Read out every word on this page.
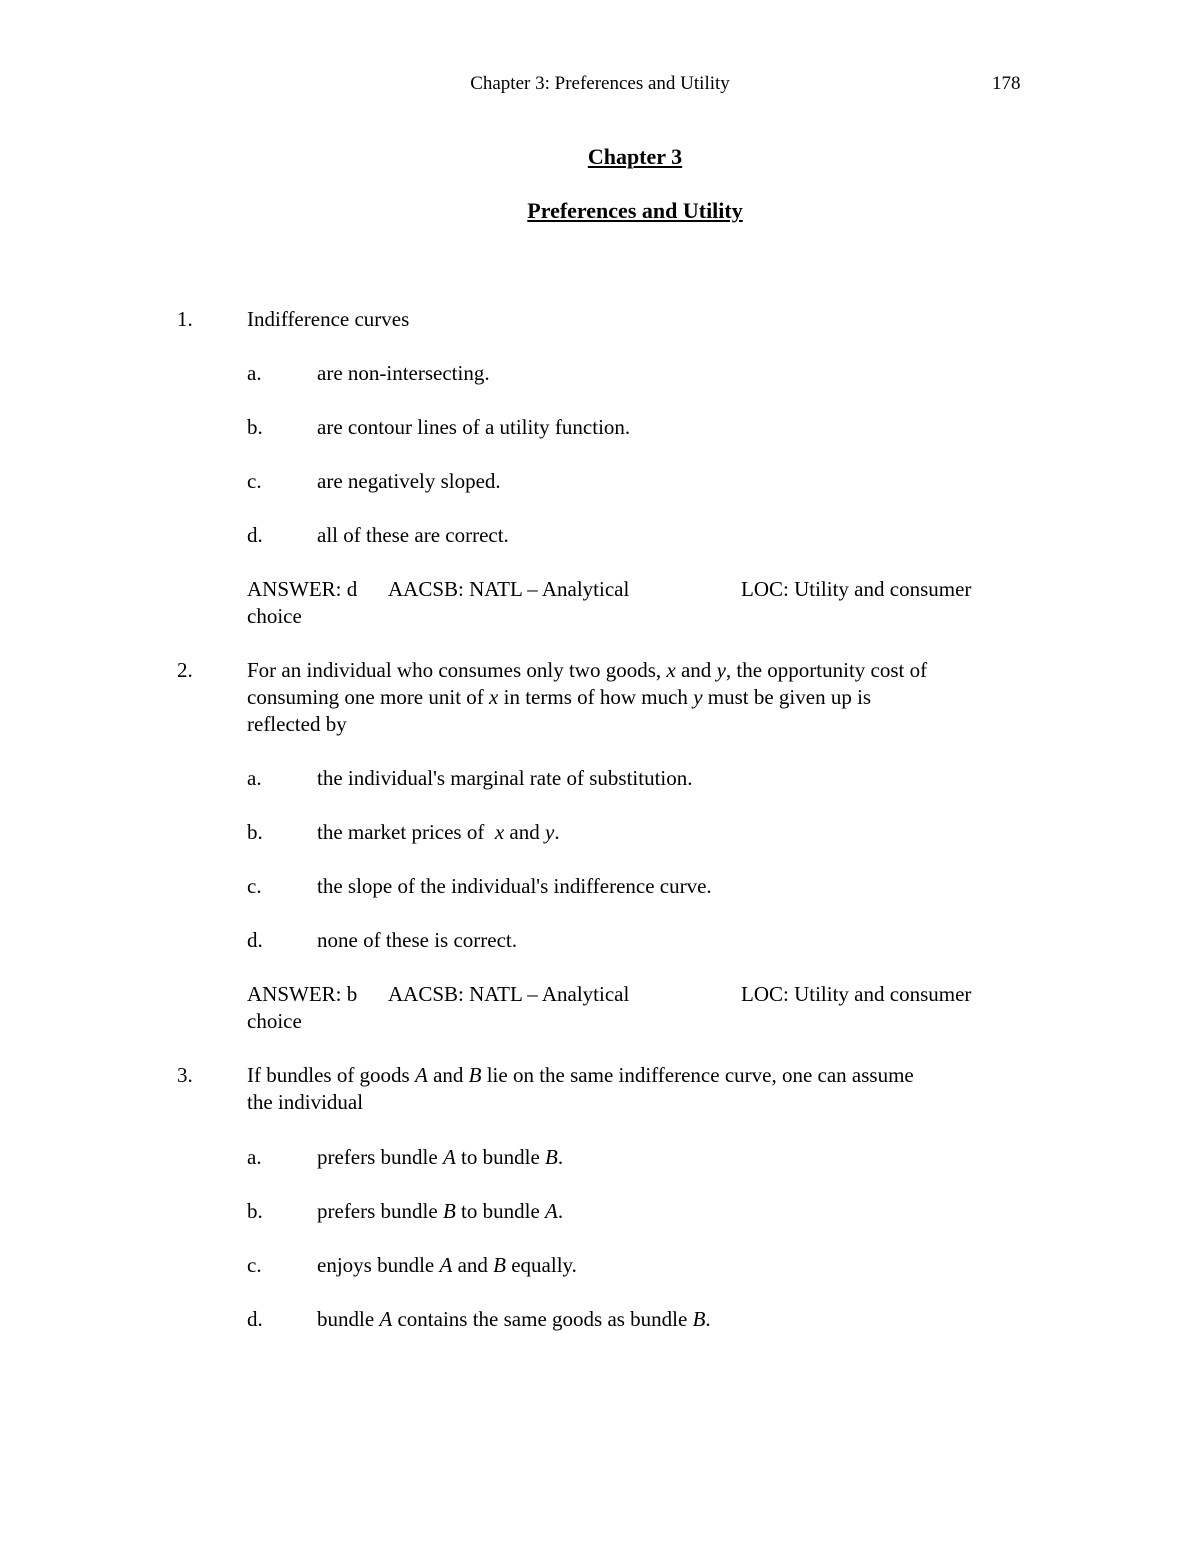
Chapter 3: Preferences and Utility	178
Chapter 3
Preferences and Utility
1.	Indifference curves
a.	are non-intersecting.
b.	are contour lines of a utility function.
c.	are negatively sloped.
d.	all of these are correct.
ANSWER: d AACSB: NATL – Analytical	LOC: Utility and consumer
choice
2.	For an individual who consumes only two goods, x and y, the opportunity cost of
consuming one more unit of x in terms of how much y must be given up is
reflected by
a.	the individual's marginal rate of substitution.
b.	the market prices of  x and y.
c.	the slope of the individual's indifference curve.
d.	none of these is correct.
ANSWER: b AACSB: NATL – Analytical	LOC: Utility and consumer
choice
3.	If bundles of goods A and B lie on the same indifference curve, one can assume
the individual
a.	prefers bundle A to bundle B.
b.	prefers bundle B to bundle A.
c.	enjoys bundle A and B equally.
d.	bundle A contains the same goods as bundle B.
